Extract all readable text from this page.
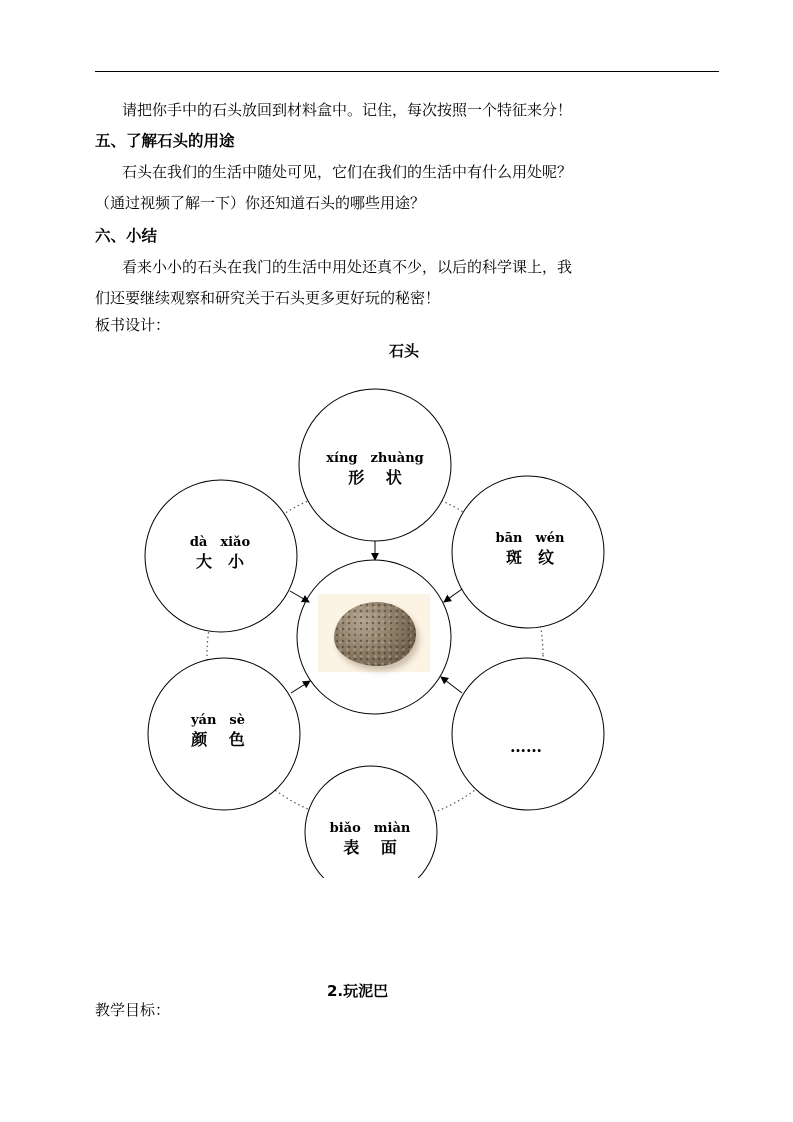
请把你手中的石头放回到材料盒中。记住，每次按照一个特征来分！
五、了解石头的用途
石头在我们的生活中随处可见，它们在我们的生活中有什么用处呢？
（通过视频了解一下）你还知道石头的哪些用途？
六、小结
看来小小的石头在我门的生活中用处还真不少，以后的科学课上，我
们还要继续观察和研究关于石头更多更好玩的秘密！
板书设计：
石头
xíng　zhuàng
形　 状
bān　wén
斑　纹
dà　xiǎo
大　小
yán　sè
颜　 色	……
biǎo　miàn
表　 面
2.玩泥巴
教学目标：
